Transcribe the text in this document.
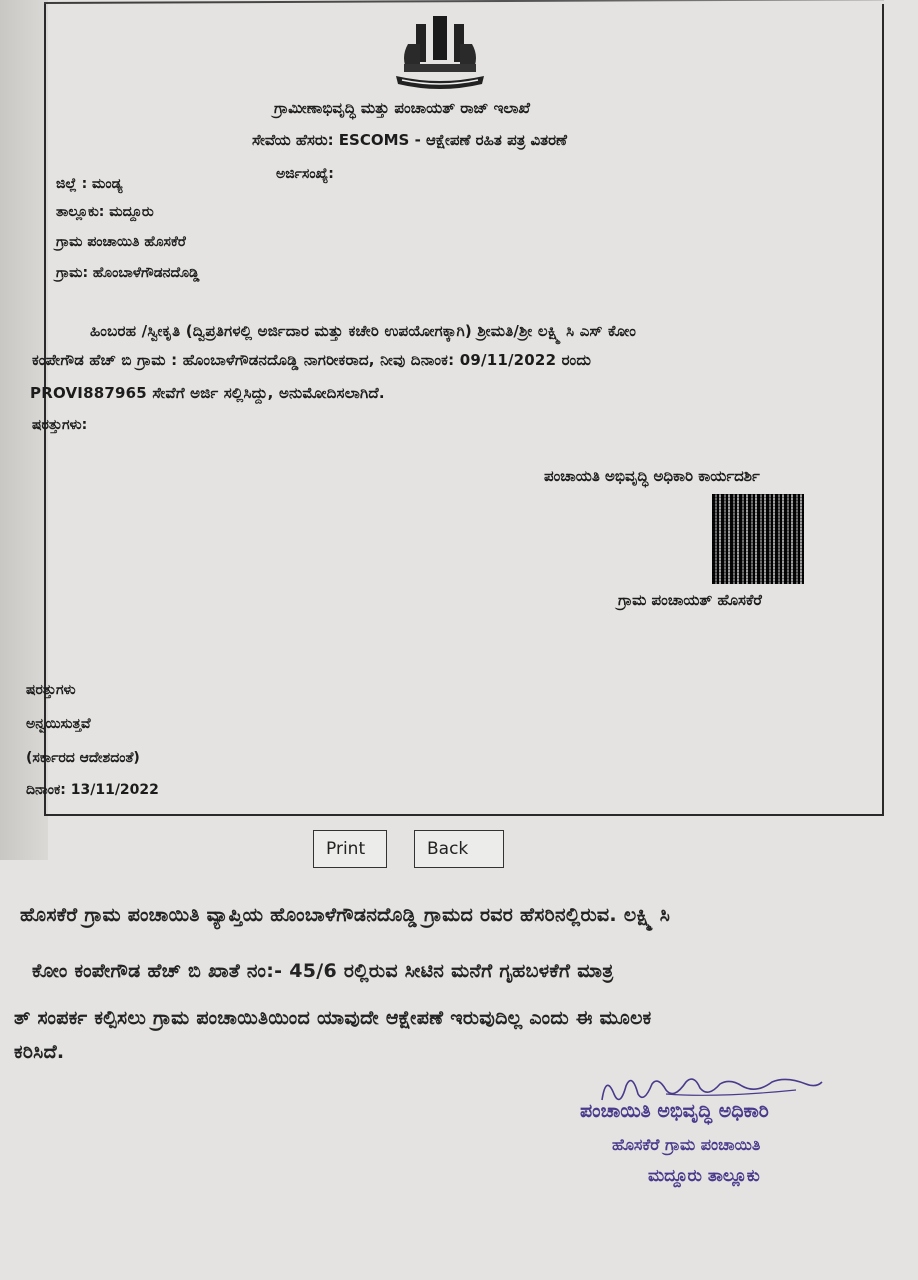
ಗ್ರಾಮೀಣಾಭಿವೃದ್ಧಿ ಮತ್ತು ಪಂಚಾಯತ್ ರಾಜ್ ಇಲಾಖೆ
ಸೇವೆಯ ಹೆಸರು: ESCOMS - ಆಕ್ಷೇಪಣೆ ರಹಿತ ಪತ್ರ ವಿತರಣೆ
ಅರ್ಜಿಸಂಖ್ಯೆ:
ಜಿಲ್ಲೆ : ಮಂಡ್ಯ
ತಾಲ್ಲೂಕು: ಮದ್ದೂರು
ಗ್ರಾಮ ಪಂಚಾಯಿತಿ ಹೊಸಕೆರೆ
ಗ್ರಾಮ: ಹೊಂಬಾಳೆಗೌಡನದೊಡ್ಡಿ
ಹಿಂಬರಹ /ಸ್ವೀಕೃತಿ (ದ್ವಿಪ್ರತಿಗಳಲ್ಲಿ ಅರ್ಜಿದಾರ ಮತ್ತು ಕಚೇರಿ ಉಪಯೋಗಕ್ಕಾಗಿ) ಶ್ರೀಮತಿ/ಶ್ರೀ ಲಕ್ಷ್ಮಿ ಸಿ ಎಸ್ ಕೋಂ
ಕಂಪೇಗೌಡ ಹೆಚ್ ಬಿ ಗ್ರಾಮ : ಹೊಂಬಾಳೆಗೌಡನದೊಡ್ಡಿ ನಾಗರೀಕರಾದ, ನೀವು ದಿನಾಂಕ: 09/11/2022 ರಂದು
PROVI887965 ಸೇವೆಗೆ ಅರ್ಜಿ ಸಲ್ಲಿಸಿದ್ದು, ಅನುಮೋದಿಸಲಾಗಿದೆ.
ಷರತ್ತುಗಳು:
ಪಂಚಾಯತಿ ಅಭಿವೃದ್ಧಿ ಅಧಿಕಾರಿ ಕಾರ್ಯದರ್ಶಿ
ಗ್ರಾಮ ಪಂಚಾಯತ್ ಹೊಸಕೆರೆ
ಷರತ್ತುಗಳು
ಅನ್ವಯಿಸುತ್ತವೆ
(ಸರ್ಕಾರದ ಆದೇಶದಂತೆ)
ದಿನಾಂಕ: 13/11/2022
Print	Back
ಹೊಸಕೆರೆ ಗ್ರಾಮ ಪಂಚಾಯಿತಿ ವ್ಯಾಪ್ತಿಯ ಹೊಂಬಾಳೆಗೌಡನದೊಡ್ಡಿ ಗ್ರಾಮದ ರವರ ಹೆಸರಿನಲ್ಲಿರುವ. ಲಕ್ಷ್ಮಿ ಸಿ
ಕೋಂ ಕಂಪೇಗೌಡ ಹೆಚ್ ಬಿ ಖಾತೆ ನಂ:- 45/6 ರಲ್ಲಿರುವ ಸೀಟಿನ ಮನೆಗೆ ಗೃಹಬಳಕೆಗೆ ಮಾತ್ರ
ತ್ ಸಂಪರ್ಕ ಕಲ್ಪಿಸಲು ಗ್ರಾಮ ಪಂಚಾಯಿತಿಯಿಂದ ಯಾವುದೇ ಆಕ್ಷೇಪಣೆ ಇರುವುದಿಲ್ಲ ಎಂದು ಈ ಮೂಲಕ
ಕರಿಸಿದೆ.
ಪಂಚಾಯಿತಿ ಅಭಿವೃದ್ಧಿ ಅಧಿಕಾರಿ
ಹೊಸಕೆರೆ ಗ್ರಾಮ ಪಂಚಾಯಿತಿ
ಮದ್ದೂರು ತಾಲ್ಲೂಕು
